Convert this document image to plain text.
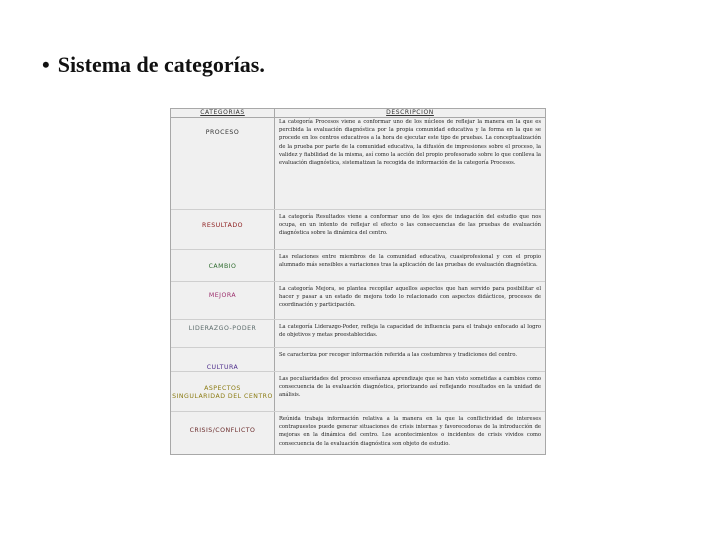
• Sistema de categorías.
CATEGORIAS	DESCRIPCION
PROCESO
La categoría Procesos viene a conformar uno de los núcleos de reflejar la manera en la que es percibida la evaluación diagnóstica por la propia comunidad educativa y la forma en la que se procede en los centros educativos a la hora de ejecutar este tipo de pruebas. La conceptualización de la prueba por parte de la comunidad educativa, la difusión de impresiones sobre el proceso, la validez y fiabilidad de la misma, así como la acción del propio profesorado sobre lo que conlleva la evaluación diagnóstica, sistematizan la recogida de información de la categoría Procesos.
RESULTADO
La categoría Resultados viene a conformar uno de los ejes de indagación del estudio que nos ocupa, en un intento de reflejar el efecto o las consecuencias de las pruebas de evaluación diagnóstica sobre la dinámica del centro.
CAMBIO
Las relaciones entre miembros de la comunidad educativa, cuasiprofesional y con el propio alumnado más sensibles a variaciones tras la aplicación de las pruebas de evaluación diagnóstica.
MEJORA
La categoría Mejora, se plantea recopilar aquellos aspectos que han servido para posibilitar el hacer y pasar a un estado de mejora todo lo relacionado con aspectos didácticos, procesos de coordinación y participación.
LIDERAZGO-PODER	La categoría Liderazgo-Poder, refleja la capacidad de influencia para el trabajo enfocado al logro de objetivos y metas preestablecidas.
CULTURA
Se caracteriza por recoger información referida a las costumbres y tradiciones del centro.
ASPECTOS
SINGULARIDAD DEL CENTRO
Las peculiaridades del proceso enseñanza aprendizaje que se han visto sometidas a cambios como consecuencia de la evaluación diagnóstica, priorizando así reflejando resultados en la unidad de análisis.
CRISIS/CONFLICTO
Reúnida trabaja información relativa a la manera en la que la conflictividad de intereses contrapuestos puede generar situaciones de crisis internas y favorecedoras de la introducción de mejoras en la dinámica del centro. Los acontecimientos o incidentes de crisis vividos como consecuencia de la evaluación diagnóstica son objeto de estudio.
